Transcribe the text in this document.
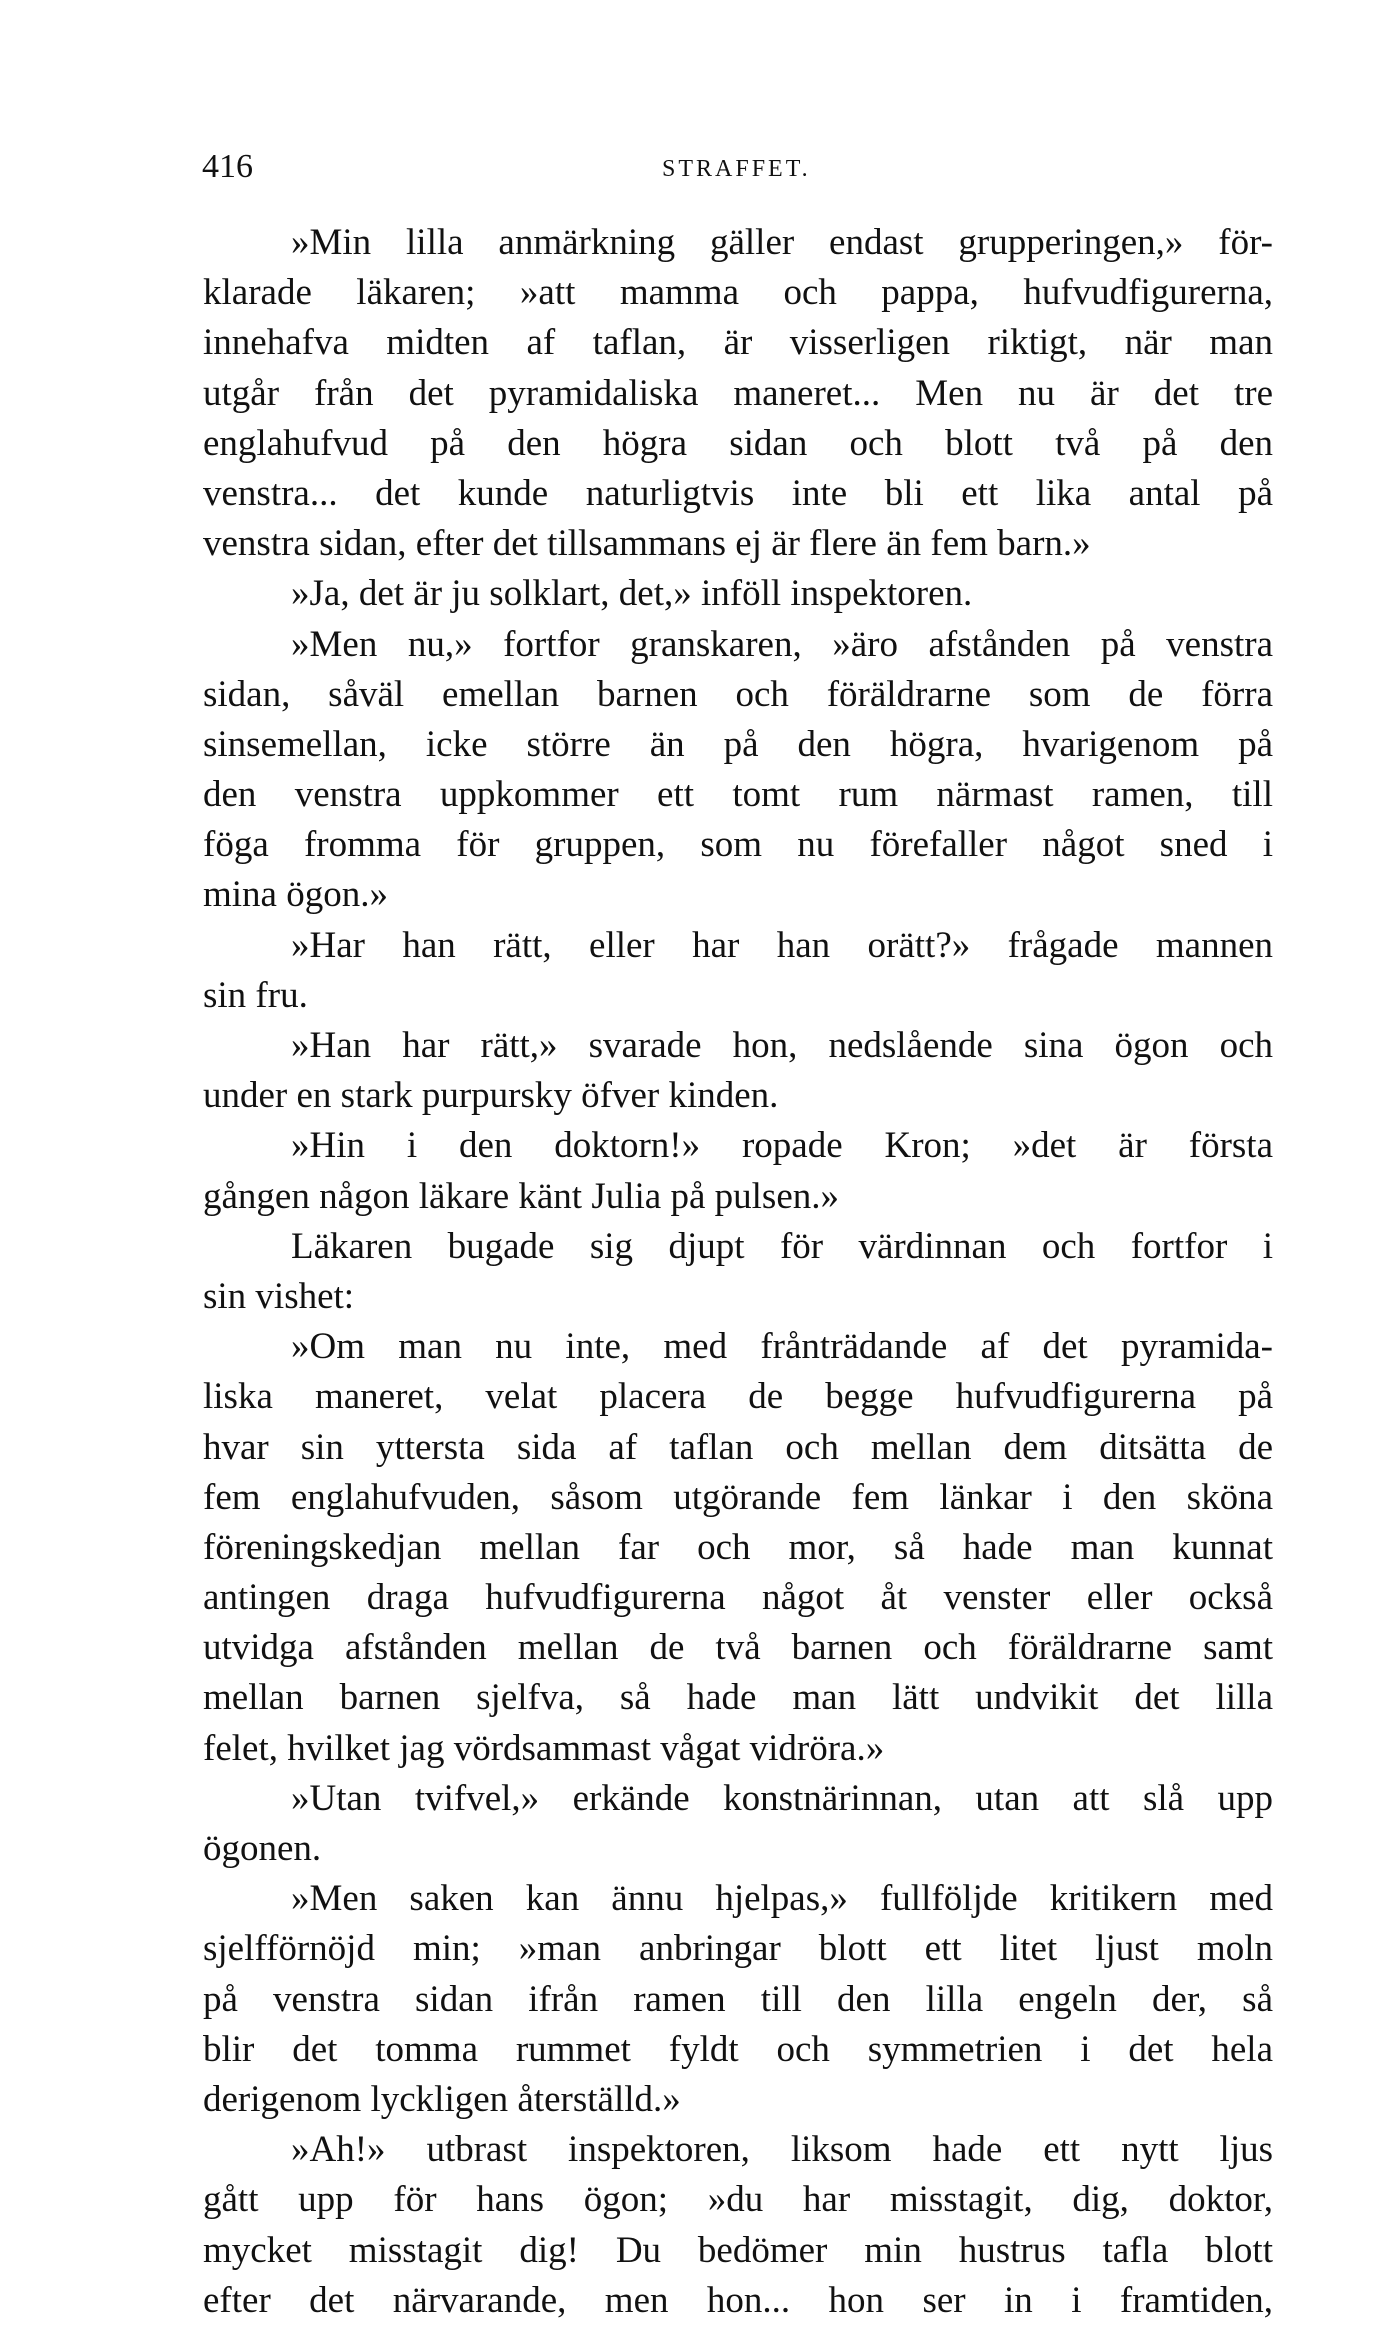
416	STRAFFET.
»Min lilla anmärkning gäller endast grupperingen,» för-
klarade läkaren; »att mamma och pappa, hufvudfigurerna,
innehafva midten af taflan, är visserligen riktigt, när man
utgår från det pyramidaliska maneret... Men nu är det tre
englahufvud på den högra sidan och blott två på den
venstra... det kunde naturligtvis inte bli ett lika antal på
venstra sidan, efter det tillsammans ej är flere än fem barn.»
»Ja, det är ju solklart, det,» inföll inspektoren.
»Men nu,» fortfor granskaren, »äro afstånden på venstra
sidan, såväl emellan barnen och föräldrarne som de förra
sinsemellan, icke större än på den högra, hvarigenom på
den venstra uppkommer ett tomt rum närmast ramen, till
föga fromma för gruppen, som nu förefaller något sned i
mina ögon.»
»Har han rätt, eller har han orätt?» frågade mannen
sin fru.
»Han har rätt,» svarade hon, nedslående sina ögon och
under en stark purpursky öfver kinden.
»Hin i den doktorn!» ropade Kron; »det är första
gången någon läkare känt Julia på pulsen.»
Läkaren bugade sig djupt för värdinnan och fortfor i
sin vishet:
»Om man nu inte, med frånträdande af det pyramida-
liska maneret, velat placera de begge hufvudfigurerna på
hvar sin yttersta sida af taflan och mellan dem ditsätta de
fem englahufvuden, såsom utgörande fem länkar i den sköna
föreningskedjan mellan far och mor, så hade man kunnat
antingen draga hufvudfigurerna något åt venster eller också
utvidga afstånden mellan de två barnen och föräldrarne samt
mellan barnen sjelfva, så hade man lätt undvikit det lilla
felet, hvilket jag vördsammast vågat vidröra.»
»Utan tvifvel,» erkände konstnärinnan, utan att slå upp
ögonen.
»Men saken kan ännu hjelpas,» fullföljde kritikern med
sjelfförnöjd min; »man anbringar blott ett litet ljust moln
på venstra sidan ifrån ramen till den lilla engeln der, så
blir det tomma rummet fyldt och symmetrien i det hela
derigenom lyckligen återställd.»
»Ah!» utbrast inspektoren, liksom hade ett nytt ljus
gått upp för hans ögon; »du har misstagit, dig, doktor,
mycket misstagit dig! Du bedömer min hustrus tafla blott
efter det närvarande, men hon... hon ser in i framtiden,
